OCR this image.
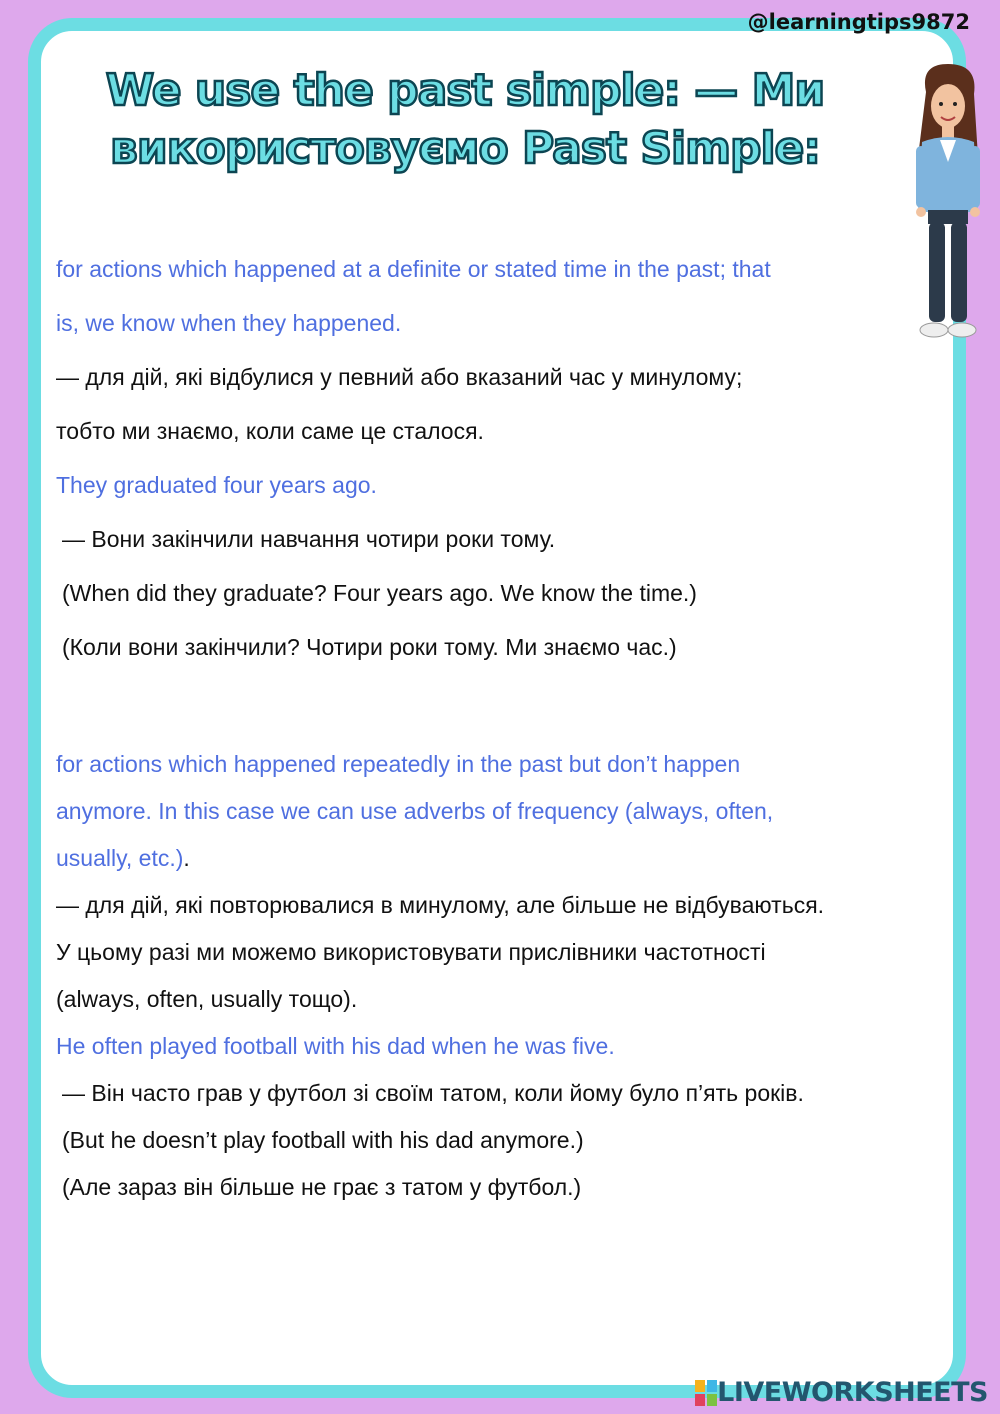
@learningtips9872
We use the past simple: — Ми
використовуємо Past Simple:
for actions which happened at a definite or stated time in the past; that
is, we know when they happened.
— для дій, які відбулися у певний або вказаний час у минулому;
тобто ми знаємо, коли саме це сталося.
They graduated four years ago.
— Вони закінчили навчання чотири роки тому.
(When did they graduate? Four years ago. We know the time.)
(Коли вони закінчили? Чотири роки тому. Ми знаємо час.)
for actions which happened repeatedly in the past but don’t happen
anymore. In this case we can use adverbs of frequency (always, often,
usually, etc.).
— для дій, які повторювалися в минулому, але більше не відбуваються.
У цьому разі ми можемо використовувати прислівники частотності
(always, often, usually тощо).
He often played football with his dad when he was five.
— Він часто грав у футбол зі своїм татом, коли йому було п’ять років.
(But he doesn’t play football with his dad anymore.)
(Але зараз він більше не грає з татом у футбол.)
LIVEWORKSHEETS
